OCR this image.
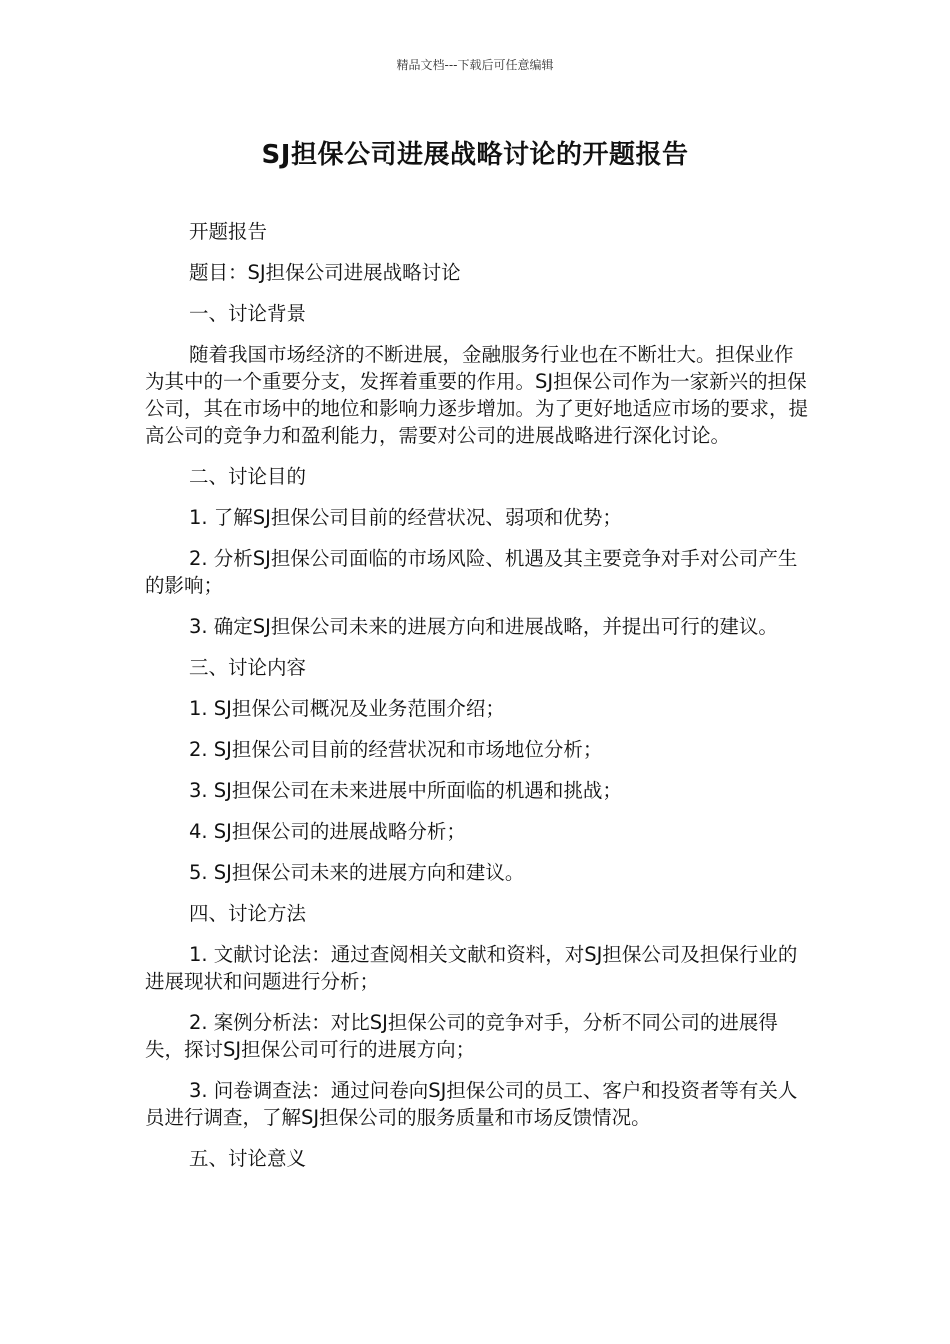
精品文档---下载后可任意编辑
SJ担保公司进展战略讨论的开题报告

开题报告

题目：SJ担保公司进展战略讨论

一、讨论背景

随着我国市场经济的不断进展，金融服务行业也在不断壮大。担保业作为其中的一个重要分支，发挥着重要的作用。SJ担保公司作为一家新兴的担保公司，其在市场中的地位和影响力逐步增加。为了更好地适应市场的要求，提高公司的竞争力和盈利能力，需要对公司的进展战略进行深化讨论。

二、讨论目的

1. 了解SJ担保公司目前的经营状况、弱项和优势；

2. 分析SJ担保公司面临的市场风险、机遇及其主要竞争对手对公司产生的影响；

3. 确定SJ担保公司未来的进展方向和进展战略，并提出可行的建议。

三、讨论内容

1. SJ担保公司概况及业务范围介绍；

2. SJ担保公司目前的经营状况和市场地位分析；

3. SJ担保公司在未来进展中所面临的机遇和挑战；

4. SJ担保公司的进展战略分析；

5. SJ担保公司未来的进展方向和建议。

四、讨论方法

1. 文献讨论法：通过查阅相关文献和资料，对SJ担保公司及担保行业的进展现状和问题进行分析；

2. 案例分析法：对比SJ担保公司的竞争对手，分析不同公司的进展得失，探讨SJ担保公司可行的进展方向；

3. 问卷调查法：通过问卷向SJ担保公司的员工、客户和投资者等有关人员进行调查，了解SJ担保公司的服务质量和市场反馈情况。

五、讨论意义
